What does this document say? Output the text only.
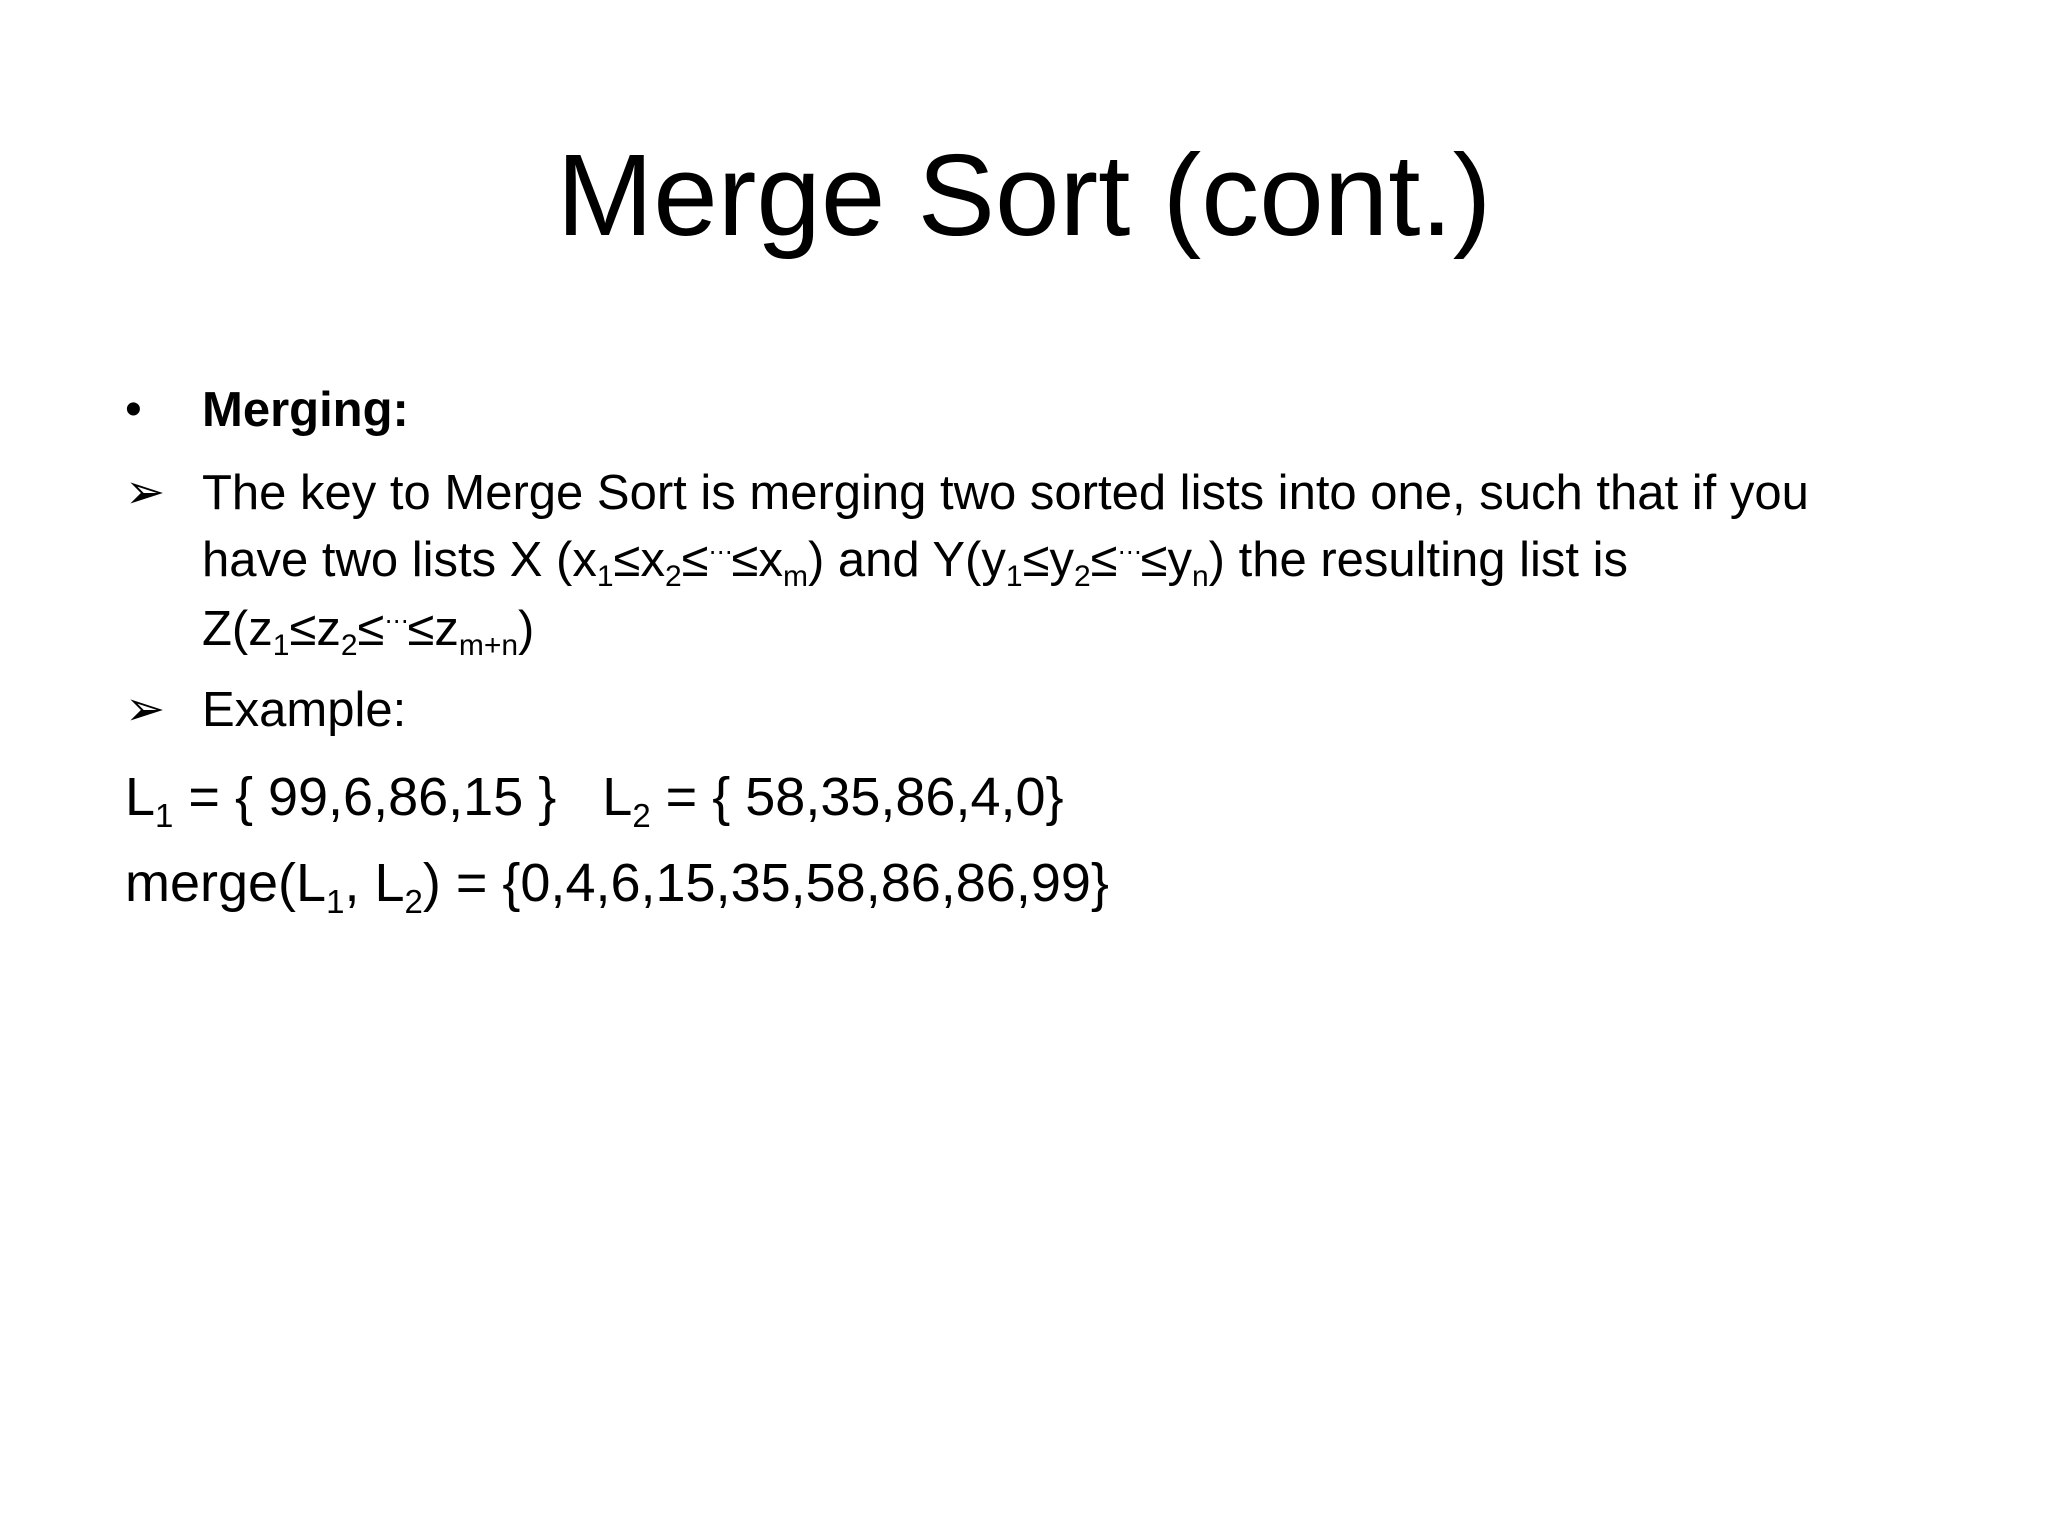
Merge Sort (cont.)
• Merging:
➢ The key to Merge Sort is merging two sorted lists into one, such that if you
have two lists X $(x_1\le x_2\le^\cdots\le x_m)$ and $Y(y_1\le y_2\le^\cdots\le y_n)$ the resulting list is
$Z(z_1\le z_2\le^\cdots\le z_{m+n})$
➢ Example:
$L_1$ = { 99,6,86,15 } $L_2$ = { 58,35,86,4,0}
$merge(L_1$, $L_2) = \{0,4,6,15,35,58,86,86,99\}$
